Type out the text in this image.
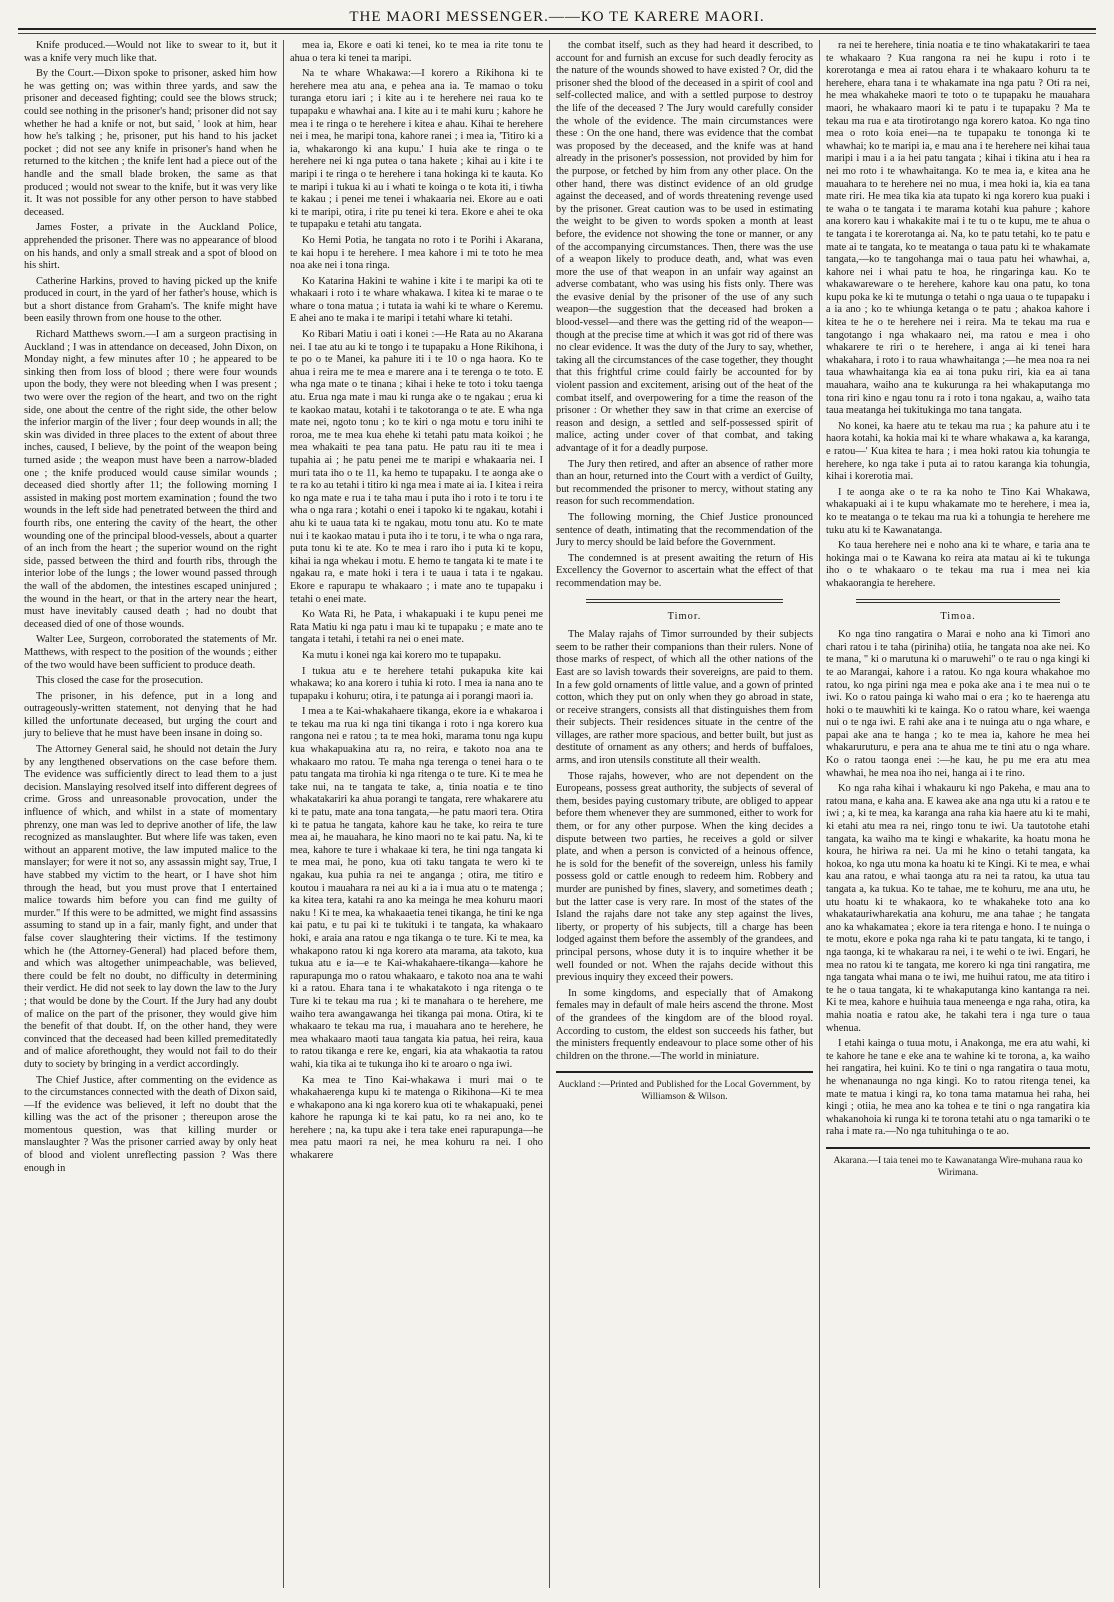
THE MAORI MESSENGER.——KO TE KARERE MAORI.

Knife produced.—Would not like to swear to it, but it was a knife very much like that.

By the Court.—Dixon spoke to prisoner, asked him how he was getting on; was within three yards, and saw the prisoner and deceased fighting; could see the blows struck; could see nothing in the prisoner's hand; prisoner did not say whether he had a knife or not, but said, ' look at him, hear how he's talking ; he, prisoner, put his hand to his jacket pocket ; did not see any knife in prisoner's hand when he returned to the kitchen ; the knife lent had a piece out of the handle and the small blade broken, the same as that produced ; would not swear to the knife, but it was very like it. It was not possible for any other person to have stabbed deceased.

James Foster, a private in the Auckland Police, apprehended the prisoner. There was no appearance of blood on his hands, and only a small streak and a spot of blood on his shirt.

Catherine Harkins, proved to having picked up the knife produced in court, in the yard of her father's house, which is but a short distance from Graham's. The knife might have been easily thrown from one house to the other.

Richard Matthews sworn.—I am a surgeon practising in Auckland ; I was in attendance on deceased, John Dixon, on Monday night, a few minutes after 10 ; he appeared to be sinking then from loss of blood ; there were four wounds upon the body, they were not bleeding when I was present ; two were over the region of the heart, and two on the right side, one about the centre of the right side, the other below the inferior margin of the liver ; four deep wounds in all; the skin was divided in three places to the extent of about three inches, caused, I believe, by the point of the weapon being turned aside ; the weapon must have been a narrow-bladed one ; the knife produced would cause similar wounds ; deceased died shortly after 11; the following morning I assisted in making post mortem examination ; found the two wounds in the left side had penetrated between the third and fourth ribs, one entering the cavity of the heart, the other wounding one of the principal blood-vessels, about a quarter of an inch from the heart ; the superior wound on the right side, passed between the third and fourth ribs, through the interior lobe of the lungs ; the lower wound passed through the wall of the abdomen, the intestines escaped uninjured ; the wound in the heart, or that in the artery near the heart, must have inevitably caused death ; had no doubt that deceased died of one of those wounds.

Walter Lee, Surgeon, corroborated the statements of Mr. Matthews, with respect to the position of the wounds ; either of the two would have been sufficient to produce death.

This closed the case for the prosecution.

The prisoner, in his defence, put in a long and outrageously-written statement, not denying that he had killed the unfortunate deceased, but urging the court and jury to believe that he must have been insane in doing so.

The Attorney General said, he should not detain the Jury by any lengthened observations on the case before them. The evidence was sufficiently direct to lead them to a just decision. Manslaying resolved itself into different degrees of crime. Gross and unreasonable provocation, under the influence of which, and whilst in a state of momentary phrenzy, one man was led to deprive another of life, the law recognized as manslaughter. But where life was taken, even without an apparent motive, the law imputed malice to the manslayer; for were it not so, any assassin might say, True, I have stabbed my victim to the heart, or I have shot him through the head, but you must prove that I entertained malice towards him before you can find me guilty of murder." If this were to be admitted, we might find assassins assuming to stand up in a fair, manly fight, and under that false cover slaughtering their victims. If the testimony which he (the Attorney-General) had placed before them, and which was altogether unimpeachable, was believed, there could be felt no doubt, no difficulty in determining their verdict. He did not seek to lay down the law to the Jury ; that would be done by the Court. If the Jury had any doubt of malice on the part of the prisoner, they would give him the benefit of that doubt. If, on the other hand, they were convinced that the deceased had been killed premeditatedly and of malice aforethought, they would not fail to do their duty to society by bringing in a verdict accordingly.

The Chief Justice, after commenting on the evidence as to the circumstances connected with the death of Dixon said,—If the evidence was believed, it left no doubt that the killing was the act of the prisoner ; thereupon arose the momentous question, was that killing murder or manslaughter ? Was the prisoner carried away by only heat of blood and violent unreflecting passion ? Was there enough in

mea ia, Ekore e oati ki tenei, ko te mea ia rite tonu te ahua o tera ki tenei ta maripi.

Na te whare Whakawa:—I korero a Rikihona ki te herehere mea atu ana, e pehea ana ia. Te mamao o toku turanga etoru iari ; i kite au i te herehere nei raua ko te tupapaku e whawhai ana. I kite au i te mahi kuru ; kahore he mea i te ringa o te herehere i kitea e ahau. Kihai te herehere nei i mea, he maripi tona, kahore ranei ; i mea ia, 'Titiro ki a ia, whakarongo ki ana kupu.' I huia ake te ringa o te herehere nei ki nga putea o tana hakete ; kihai au i kite i te maripi i te ringa o te herehere i tana hokinga ki te kauta. Ko te maripi i tukua ki au i whati te koinga o te kota iti, i tiwha te kakau ; i penei me tenei i whakaaria nei. Ekore au e oati ki te maripi, otira, i rite pu tenei ki tera. Ekore e ahei te oka te tupapaku e tetahi atu tangata.

Ko Hemi Potia, he tangata no roto i te Porihi i Akarana, te kai hopu i te herehere. I mea kahore i mi te toto he mea noa ake nei i tona ringa.

Ko Katarina Hakini te wahine i kite i te maripi ka oti te whakaari i roto i te whare whakawa. I kitea ki te marae o te whare o tona matua ; i tutata ia wahi ki te whare o Keremu. E ahei ano te maka i te maripi i tetahi whare ki tetahi.

Ko Ribari Matiu i oati i konei :—He Rata au no Akarana nei. I tae atu au ki te tongo i te tupapaku a Hone Rikihona, i te po o te Manei, ka pahure iti i te 10 o nga haora. Ko te ahua i reira me te mea e marere ana i te terenga o te toto. E wha nga mate o te tinana ; kihai i heke te toto i toku taenga atu. Erua nga mate i mau ki runga ake o te ngakau ; erua ki te kaokao matau, kotahi i te takotoranga o te ate. E wha nga mate nei, ngoto tonu ; ko te kiri o nga motu e toru inihi te roroa, me te mea kua ehehe ki tetahi patu mata koikoi ; he mea whakaiti te pea tana patu. He patu rau iti te mea i tupahia ai ; he patu penei me te maripi e whakaaria nei. I muri tata iho o te 11, ka hemo te tupapaku. I te aonga ake o te ra ko au tetahi i titiro ki nga mea i mate ai ia. I kitea i reira ko nga mate e rua i te taha mau i puta iho i roto i te toru i te wha o nga rara ; kotahi o enei i tapoko ki te ngakau, kotahi i ahu ki te uaua tata ki te ngakau, motu tonu atu. Ko te mate nui i te kaokao matau i puta iho i te toru, i te wha o nga rara, puta tonu ki te ate. Ko te mea i raro iho i puta ki te kopu, kihai ia nga whekau i motu. E hemo te tangata ki te mate i te ngakau ra, e mate hoki i tera i te uaua i tata i te ngakau. Ekore e rapurapu te whakaaro ; i mate ano te tupapaku i tetahi o enei mate.

Ko Wata Ri, he Pata, i whakapuaki i te kupu penei me Rata Matiu ki nga patu i mau ki te tupapaku ; e mate ano te tangata i tetahi, i tetahi ra nei o enei mate.

Ka mutu i konei nga kai korero mo te tupapaku.

I tukua atu e te herehere tetahi pukapuka kite kai whakawa; ko ana korero i tuhia ki roto. I mea ia nana ano te tupapaku i kohuru; otira, i te patunga ai i porangi maori ia.

I mea a te Kai-whakahaere tikanga, ekore ia e whakaroa i te tekau ma rua ki nga tini tikanga i roto i nga korero kua rangona nei e ratou ; ta te mea hoki, marama tonu nga kupu kua whakapuakina atu ra, no reira, e takoto noa ana te whakaaro mo ratou. Te maha nga terenga o tenei hara o te patu tangata ma tirohia ki nga ritenga o te ture. Ki te mea he take nui, na te tangata te take, a, tinia noatia e te tino whakatakariri ka ahua porangi te tangata, rere whakarere atu ki te patu, mate ana tona tangata,—he patu maori tera. Otira ki te patua he tangata, kahore kau he take, ko reira te ture mea ai, he mauahara, he kino maori no te kai patu. Na, ki te mea, kahore te ture i whakaae ki tera, he tini nga tangata ki te mea mai, he pono, kua oti taku tangata te wero ki te ngakau, kua puhia ra nei te anganga ; otira, me titiro e koutou i mauahara ra nei au ki a ia i mua atu o te matenga ; ka kitea tera, katahi ra ano ka meinga he mea kohuru maori naku ! Ki te mea, ka whakaaetia tenei tikanga, he tini ke nga kai patu, e tu pai ki te tukituki i te tangata, ka whakaaro hoki, e araia ana ratou e nga tikanga o te ture. Ki te mea, ka whakapono ratou ki nga korero ata marama, ata takoto, kua tukua atu e ia—e te Kai-whakahaere-tikanga—kahore he rapurapunga mo o ratou whakaaro, e takoto noa ana te wahi ki a ratou. Ehara tana i te whakatakoto i nga ritenga o te Ture ki te tekau ma rua ; ki te manahara o te herehere, me waiho tera awangawanga hei tikanga pai mona. Otira, ki te whakaaro te tekau ma rua, i mauahara ano te herehere, he mea whakaaro maoti taua tangata kia patua, hei reira, kaua to ratou tikanga e rere ke, engari, kia ata whakaotia ta ratou wahi, kia tika ai te tukunga iho ki te aroaro o nga iwi.

Ka mea te Tino Kai-whakawa i muri mai o te whakahaerenga kupu ki te matenga o Rikihona—Ki te mea e whakapono ana ki nga korero kua oti te whakapuaki, penei kahore he rapunga ki te kai patu, ko ra nei ano, ko te herehere ; na, ka tupu ake i tera take enei rapurapunga—he mea patu maori ra nei, he mea kohuru ra nei. I oho whakarere

the combat itself, such as they had heard it described, to account for and furnish an excuse for such deadly ferocity as the nature of the wounds showed to have existed ? Or, did the prisoner shed the blood of the deceased in a spirit of cool and self-collected malice, and with a settled purpose to destroy the life of the deceased ? The Jury would carefully consider the whole of the evidence. The main circumstances were these : On the one hand, there was evidence that the combat was proposed by the deceased, and the knife was at hand already in the prisoner's possession, not provided by him for the purpose, or fetched by him from any other place. On the other hand, there was distinct evidence of an old grudge against the deceased, and of words threatening revenge used by the prisoner. Great caution was to be used in estimating the weight to be given to words spoken a month at least before, the evidence not showing the tone or manner, or any of the accompanying circumstances. Then, there was the use of a weapon likely to produce death, and, what was even more the use of that weapon in an unfair way against an adverse combatant, who was using his fists only. There was the evasive denial by the prisoner of the use of any such weapon—the suggestion that the deceased had broken a blood-vessel—and there was the getting rid of the weapon—though at the precise time at which it was got rid of there was no clear evidence. It was the duty of the Jury to say, whether, taking all the circumstances of the case together, they thought that this frightful crime could fairly be accounted for by violent passion and excitement, arising out of the heat of the combat itself, and overpowering for a time the reason of the prisoner : Or whether they saw in that crime an exercise of reason and design, a settled and self-possessed spirit of malice, acting under cover of that combat, and taking advantage of it for a deadly purpose.

The Jury then retired, and after an absence of rather more than an hour, returned into the Court with a verdict of Guilty, but recommended the prisoner to mercy, without stating any reason for such recommendation.

The following morning, the Chief Justice pronounced sentence of death, intimating that the recommendation of the Jury to mercy should be laid before the Government.

The condemned is at present awaiting the return of His Excellency the Governor to ascertain what the effect of that recommendation may be.

Timor.

The Malay rajahs of Timor surrounded by their subjects seem to be rather their companions than their rulers. None of those marks of respect, of which all the other nations of the East are so lavish towards their sovereigns, are paid to them. In a few gold ornaments of little value, and a gown of printed cotton, which they put on only when they go abroad in state, or receive strangers, consists all that distinguishes them from their subjects. Their residences situate in the centre of the villages, are rather more spacious, and better built, but just as destitute of ornament as any others; and herds of buffaloes, arms, and iron utensils constitute all their wealth.

Those rajahs, however, who are not dependent on the Europeans, possess great authority, the subjects of several of them, besides paying customary tribute, are obliged to appear before them whenever they are summoned, either to work for them, or for any other purpose. When the king decides a dispute between two parties, he receives a gold or silver plate, and when a person is convicted of a heinous offence, he is sold for the benefit of the sovereign, unless his family possess gold or cattle enough to redeem him. Robbery and murder are punished by fines, slavery, and sometimes death ; but the latter case is very rare. In most of the states of the Island the rajahs dare not take any step against the lives, liberty, or property of his subjects, till a charge has been lodged against them before the assembly of the grandees, and principal persons, whose duty it is to inquire whether it be well founded or not. When the rajahs decide without this previous inquiry they exceed their powers.

In some kingdoms, and especially that of Amakong females may in default of male heirs ascend the throne. Most of the grandees of the kingdom are of the blood royal. According to custom, the eldest son succeeds his father, but the ministers frequently endeavour to place some other of his children on the throne.—The world in miniature.

Auckland :—Printed and Published for the Local Government, by Williamson & Wilson.

ra nei te herehere, tinia noatia e te tino whakatakariri te taea te whakaaro ? Kua rangona ra nei he kupu i roto i te korerotanga e mea ai ratou ehara i te whakaaro kohuru ta te herehere, ehara tana i te whakamate ina nga patu ? Oti ra nei, he mea whakaheke maori te toto o te tupapaku he mauahara maori, he whakaaro maori ki te patu i te tupapaku ? Ma te tekau ma rua e ata tirotirotango nga korero katoa. Ko nga tino mea o roto koia enei—na te tupapaku te tononga ki te whawhai; ko te maripi ia, e mau ana i te herehere nei kihai taua maripi i mau i a ia hei patu tangata ; kihai i tikina atu i hea ra nei mo roto i te whawhaitanga. Ko te mea ia, e kitea ana he mauahara to te herehere nei no mua, i mea hoki ia, kia ea tana mate riri. He mea tika kia ata tupato ki nga korero kua puaki i te waha o te tangata i te marama kotahi kua pahure ; kahore ana korero kau i whakakite mai i te tu o te kupu, me te ahua o te tangata i te korerotanga ai. Na, ko te patu tetahi, ko te patu e mate ai te tangata, ko te meatanga o taua patu ki te whakamate tangata,—ko te tangohanga mai o taua patu hei whawhai, a, kahore nei i whai patu te hoa, he ringaringa kau. Ko te whakawareware o te herehere, kahore kau ona patu, ko tona kupu poka ke ki te mutunga o tetahi o nga uaua o te tupapaku i a ia ano ; ko te whiunga ketanga o te patu ; ahakoa kahore i kitea te he o te herehere nei i reira. Ma te tekau ma rua e tangotango i nga whakaaro nei, ma ratou e mea i oho whakarere te riri o te herehere, i anga ai ki tenei hara whakahara, i roto i to raua whawhaitanga ;—he mea noa ra nei taua whawhaitanga kia ea ai tona puku riri, kia ea ai tana mauahara, waiho ana te kukurunga ra hei whakaputanga mo tona riri kino e ngau tonu ra i roto i tona ngakau, a, waiho tata taua meatanga hei tukitukinga mo tana tangata.

No konei, ka haere atu te tekau ma rua ; ka pahure atu i te haora kotahi, ka hokia mai ki te whare whakawa a, ka karanga, e ratou—' Kua kitea te hara ; i mea hoki ratou kia tohungia te herehere, ko nga take i puta ai to ratou karanga kia tohungia, kihai i korerotia mai.

I te aonga ake o te ra ka noho te Tino Kai Whakawa, whakapuaki ai i te kupu whakamate mo te herehere, i mea ia, ko te meatanga o te tekau ma rua ki a tohungia te herehere me tuku atu ki te Kawanatanga.

Ko taua herehere nei e noho ana ki te whare, e taria ana te hokinga mai o te Kawana ko reira ata matau ai ki te tukunga iho o te whakaaro o te tekau ma rua i mea nei kia whakaorangia te herehere.

Timoa.

Ko nga tino rangatira o Marai e noho ana ki Timori ano chari ratou i te taha (piriniha) otiia, he tangata noa ake nei. Ko te mana, " ki o marutuna ki o maruwehi" o te rau o nga kingi ki te ao Marangai, kahore i a ratou. Ko nga koura whakahoe mo ratou, ko nga pirini nga mea e poka ake ana i te mea nui o te iwi. Ko o ratou painga ki waho mai o era ; ko te haerenga atu hoki o te mauwhiti ki te kainga. Ko o ratou whare, kei waenga nui o te nga iwi. E rahi ake ana i te nuinga atu o nga whare, e papai ake ana te hanga ; ko te mea ia, kahore he mea hei whakaruruturu, e pera ana te ahua me te tini atu o nga whare. Ko o ratou taonga enei :—he kau, he pu me era atu mea whawhai, he mea noa iho nei, hanga ai i te rino.

Ko nga raha kihai i whakauru ki ngo Pakeha, e mau ana to ratou mana, e kaha ana. E kawea ake ana nga utu ki a ratou e te iwi ; a, ki te mea, ka karanga ana raha kia haere atu ki te mahi, ki etahi atu mea ra nei, ringo tonu te iwi. Ua tautotohe etahi tangata, ka waiho ma te kingi e whakarite, ka hoatu mona he koura, he hiriwa ra nei. Ua mi he kino o tetahi tangata, ka hokoa, ko nga utu mona ka hoatu ki te Kingi. Ki te mea, e whai kau ana ratou, e whai taonga atu ra nei ta ratou, ka utua tau tangata a, ka tukua. Ko te tahae, me te kohuru, me ana utu, he utu hoatu ki te whakaora, ko te whakaheke toto ana ko whakatauriwharekatia ana kohuru, me ana tahae ; he tangata ano ka whakamatea ; ekore ia tera ritenga e hono. I te nuinga o te motu, ekore e poka nga raha ki te patu tangata, ki te tango, i nga taonga, ki te whakarau ra nei, i te wehi o te iwi. Engari, he mea no ratou ki te tangata, me korero ki nga tini rangatira, me nga tangata whai mana o te iwi, me huihui ratou, me ata titiro i te he o taua tangata, ki te whakaputanga kino kantanga ra nei. Ki te mea, kahore e huihuia taua meneenga e nga raha, otira, ka mahia noatia e ratou ake, he takahi tera i nga ture o taua whenua.

I etahi kainga o tuua motu, i Anakonga, me era atu wahi, ki te kahore he tane e eke ana te wahine ki te torona, a, ka waiho hei rangatira, hei kuini. Ko te tini o nga rangatira o taua motu, he whenanaunga no nga kingi. Ko to ratou ritenga tenei, ka mate te matua i kingi ra, ko tona tama matamua hei raha, hei kingi ; otiia, he mea ano ka tohea e te tini o nga rangatira kia whakanohoia ki runga ki te torona tetahi atu o nga tamariki o te raha i mate ra.—No nga tuhituhinga o te ao.

Akarana.—I taia tenei mo te Kawanatanga Wire-muhana raua ko Wirimana.
